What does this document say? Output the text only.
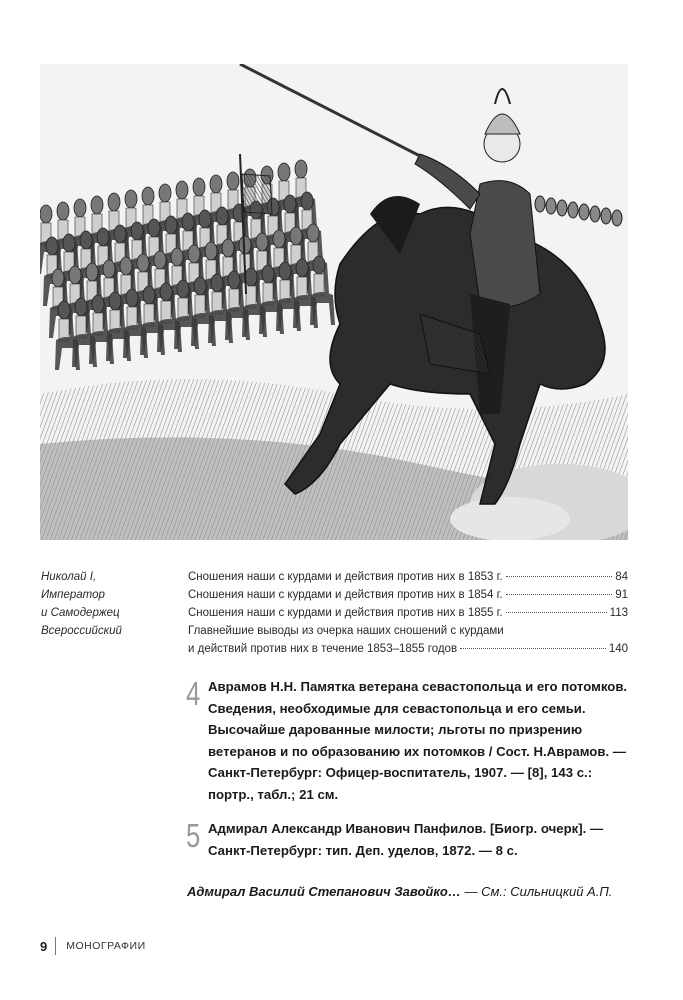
Николай I,
Император
и Самодержец
Всероссийский
Сношения наши с курдами и действия против них в 1853 г.	84
Сношения наши с курдами и действия против них в 1854 г.	91
Сношения наши с курдами и действия против них в 1855 г.	113
Главнейшие выводы из очерка наших сношений с курдами
и действий против них в течение 1853–1855 годов	140
4 Аврамов Н.Н. Памятка ветерана севастопольца и его потомков.
Сведения, необходимые для севастопольца и его семьи.
Высочайше дарованные милости; льготы по призрению
ветеранов и по образованию их потомков / Сост. Н.Аврамов. —
Санкт-Петербург: Офицер-воспитатель, 1907. — [8], 143 с.:
портр., табл.; 21 см.
5 Адмирал Александр Иванович Панфилов. [Биогр. очерк]. —
Санкт-Петербург: тип. Деп. уделов, 1872. — 8 с.
Адмирал Василий Степанович Завойко… — См.: Сильницкий А.П.
9 МОНОГРАФИИ
